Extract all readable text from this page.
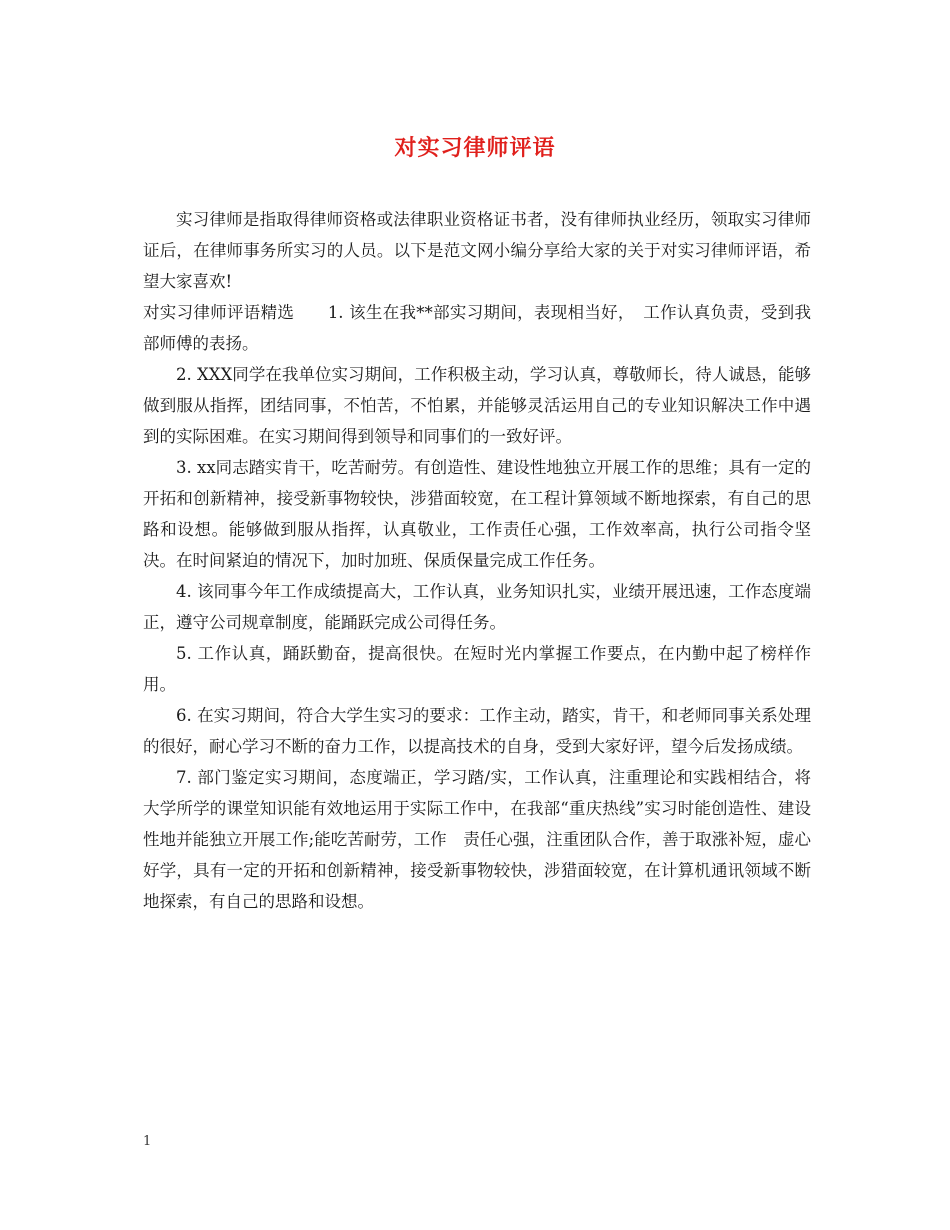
对实习律师评语

实习律师是指取得律师资格或法律职业资格证书者，没有律师执业经历，领取实习律师证后，在律师事务所实习的人员。以下是范文网小编分享给大家的关于对实习律师评语，希望大家喜欢!

对实习律师评语精选　　1. 该生在我**部实习期间，表现相当好，　工作认真负责，受到我部师傅的表扬。

2. XXX同学在我单位实习期间，工作积极主动，学习认真，尊敬师长，待人诚恳，能够做到服从指挥，团结同事，不怕苦，不怕累，并能够灵活运用自己的专业知识解决工作中遇到的实际困难。在实习期间得到领导和同事们的一致好评。

3. xx同志踏实肯干，吃苦耐劳。有创造性、建设性地独立开展工作的思维；具有一定的开拓和创新精神，接受新事物较快，涉猎面较宽，在工程计算领域不断地探索，有自己的思路和设想。能够做到服从指挥，认真敬业，工作责任心强，工作效率高，执行公司指令坚决。在时间紧迫的情况下，加时加班、保质保量完成工作任务。

4. 该同事今年工作成绩提高大，工作认真，业务知识扎实，业绩开展迅速，工作态度端正，遵守公司规章制度，能踊跃完成公司得任务。

5. 工作认真，踊跃勤奋，提高很快。在短时光内掌握工作要点，在内勤中起了榜样作用。

6. 在实习期间，符合大学生实习的要求：工作主动，踏实，肯干，和老师同事关系处理的很好，耐心学习不断的奋力工作，以提高技术的自身，受到大家好评，望今后发扬成绩。

7. 部门鉴定实习期间，态度端正，学习踏/实，工作认真，注重理论和实践相结合，将大学所学的课堂知识能有效地运用于实际工作中，在我部“重庆热线”实习时能创造性、建设性地并能独立开展工作;能吃苦耐劳，工作　责任心强，注重团队合作，善于取涨补短，虚心好学，具有一定的开拓和创新精神，接受新事物较快，涉猎面较宽，在计算机通讯领域不断地探索，有自己的思路和设想。

1
